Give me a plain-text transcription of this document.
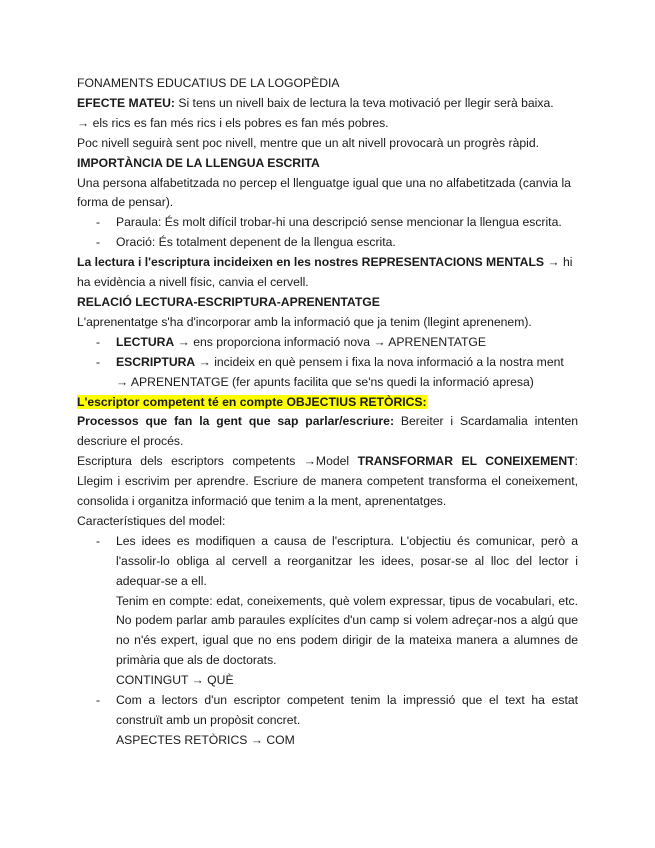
FONAMENTS EDUCATIUS DE LA LOGOPÈDIA

EFECTE MATEU: Si tens un nivell baix de lectura la teva motivació per llegir serà baixa.

→ els rics es fan més rics i els pobres es fan més pobres.

Poc nivell seguirà sent poc nivell, mentre que un alt nivell provocarà un progrès ràpid.

IMPORTÀNCIA DE LA LLENGUA ESCRITA

Una persona alfabetitzada no percep el llenguatge igual que una no alfabetitzada (canvia la forma de pensar).

- Paraula: És molt difícil trobar-hi una descripció sense mencionar la llengua escrita.

- Oració: És totalment depenent de la llengua escrita.

La lectura i l'escriptura incideixen en les nostres REPRESENTACIONS MENTALS → hi ha evidència a nivell físic, canvia el cervell.

RELACIÓ LECTURA-ESCRIPTURA-APRENENTATGE

L'aprenentatge s'ha d'incorporar amb la informació que ja tenim (llegint aprenenem).

- LECTURA → ens proporciona informació nova → APRENENTATGE

- ESCRIPTURA → incideix en què pensem i fixa la nova informació a la nostra ment → APRENENTATGE (fer apunts facilita que se'ns quedi la informació apresa)

L'escriptor competent té en compte OBJECTIUS RETÒRICS:

Processos que fan la gent que sap parlar/escriure: Bereiter i Scardamalia intenten descriure el procés.

Escriptura dels escriptors competents →Model TRANSFORMAR EL CONEIXEMENT: Llegim i escrivim per aprendre. Escriure de manera competent transforma el coneixement, consolida i organitza informació que tenim a la ment, aprenentatges.

Característiques del model:

- Les idees es modifiquen a causa de l'escriptura. L'objectiu és comunicar, però a l'assolir-lo obliga al cervell a reorganitzar les idees, posar-se al lloc del lector i adequar-se a ell.

Tenim en compte: edat, coneixements, què volem expressar, tipus de vocabulari, etc. No podem parlar amb paraules explícites d'un camp si volem adreçar-nos a algú que no n'és expert, igual que no ens podem dirigir de la mateixa manera a alumnes de primària que als de doctorats.

CONTINGUT → QUÈ

- Com a lectors d'un escriptor competent tenim la impressió que el text ha estat construït amb un propòsit concret.

ASPECTES RETÒRICS → COM
